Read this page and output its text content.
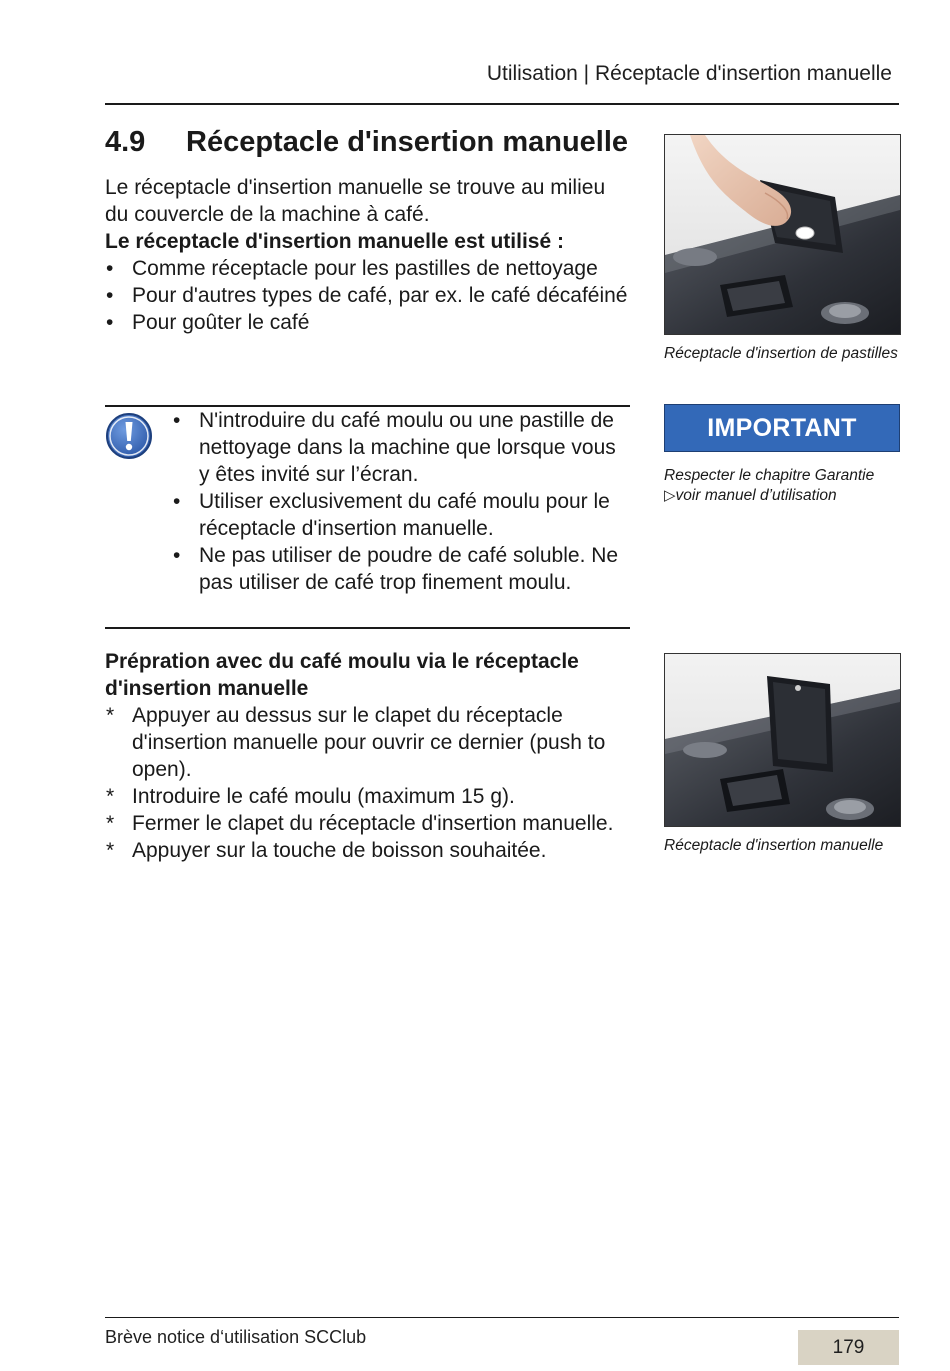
Utilisation | Réceptacle d'insertion manuelle
4.9 Réceptacle d'insertion manuelle

Le réceptacle d'insertion manuelle se trouve au milieu du couvercle de la machine à café.

Le réceptacle d'insertion manuelle est utilisé :

• Comme réceptacle pour les pastilles de nettoyage
• Pour d'autres types de café, par ex. le café décaféiné
• Pour goûter le café
• N'introduire du café moulu ou une pastille de nettoyage dans la machine que lorsque vous y êtes invité sur l’écran.
• Utiliser exclusivement du café moulu pour le réceptacle d'insertion manuelle.
• Ne pas utiliser de poudre de café soluble. Ne pas utiliser de café trop finement moulu.
Prépration avec du café moulu via le réceptacle d'insertion manuelle
* Appuyer au dessus sur le clapet du réceptacle d'insertion manuelle pour ouvrir ce dernier (push to open).
* Introduire le café moulu (maximum 15 g).
* Fermer le clapet du réceptacle d'insertion manuelle.
* Appuyer sur la touche de boisson souhaitée.
Réceptacle d'insertion de pastilles
IMPORTANT
Respecter le chapitre Garantie
▷voir manuel d’utilisation
Réceptacle d'insertion manuelle
Brève notice d‘utilisation SCClub	179
